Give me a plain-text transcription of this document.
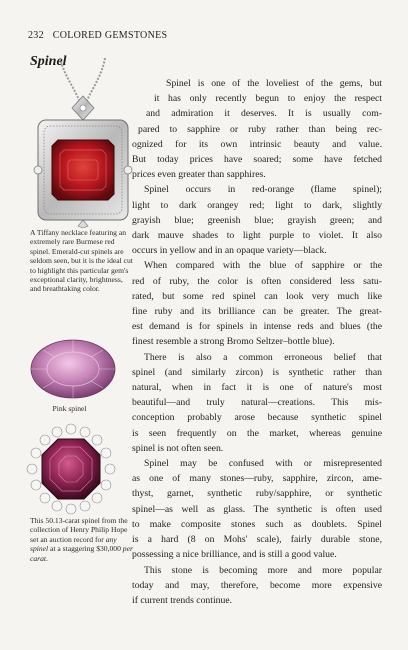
232 COLORED GEMSTONES
Spinel
A Tiffany necklace featuring an extremely rare Burmese red spinel. Emerald-cut spinels are seldom seen, but it is the ideal cut to highlight this particular gem's exceptional clarity, brightness, and breathtaking color.
Pink spinel
This 50.13-carat spinel from the collection of Henry Philip Hope set an auction record for any spinel at a staggering $30,000 per carat.
Spinel is one of the loveliest of the gems, but
it has only recently begun to enjoy the respect
and admiration it deserves. It is usually com-
pared to sapphire or ruby rather than being rec-
ognized for its own intrinsic beauty and value.
But today prices have soared; some have fetched
prices even greater than sapphires.
Spinel occurs in red-orange (flame spinel);
light to dark orangey red; light to dark, slightly
grayish blue; greenish blue; grayish green; and
dark mauve shades to light purple to violet. It also
occurs in yellow and in an opaque variety—black.
When compared with the blue of sapphire or the
red of ruby, the color is often considered less satu-
rated, but some red spinel can look very much like
fine ruby and its brilliance can be greater. The great-
est demand is for spinels in intense reds and blues (the
finest resemble a strong Bromo Seltzer–bottle blue).
There is also a common erroneous belief that
spinel (and similarly zircon) is synthetic rather than
natural, when in fact it is one of nature's most
beautiful—and truly natural—creations. This mis-
conception probably arose because synthetic spinel
is seen frequently on the market, whereas genuine
spinel is not often seen.
Spinel may be confused with or misrepresented
as one of many stones—ruby, sapphire, zircon, ame-
thyst, garnet, synthetic ruby/sapphire, or synthetic
spinel—as well as glass. The synthetic is often used
to make composite stones such as doublets. Spinel
is a hard (8 on Mohs' scale), fairly durable stone,
possessing a nice brilliance, and is still a good value.
This stone is becoming more and more popular
today and may, therefore, become more expensive
if current trends continue.
